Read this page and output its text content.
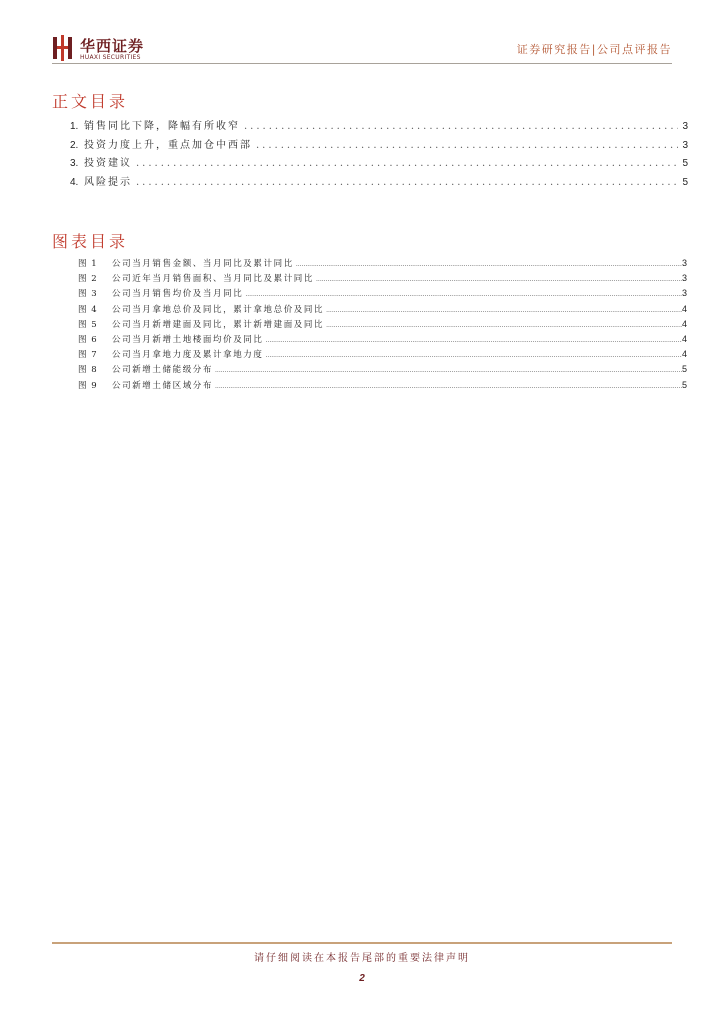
华西证券
HUAXI SECURITIES
证券研究报告|公司点评报告
正文目录
1. 销售同比下降，降幅有所收窄 .....	3
2. 投资力度上升，重点加仓中西部 .....	3
3. 投资建议 .....	5
4. 风险提示 .....	5
图表目录
图 1	公司当月销售金额、当月同比及累计同比 .....	3
图 2	公司近年当月销售面积、当月同比及累计同比 .....	3
图 3	公司当月销售均价及当月同比 .....	3
图 4	公司当月拿地总价及同比，累计拿地总价及同比 .....	4
图 5	公司当月新增建面及同比，累计新增建面及同比 .....	4
图 6	公司当月新增土地楼面均价及同比 .....	4
图 7	公司当月拿地力度及累计拿地力度 .....	4
图 8	公司新增土储能级分布 .....	5
图 9	公司新增土储区域分布 .....	5
请仔细阅读在本报告尾部的重要法律声明
2
